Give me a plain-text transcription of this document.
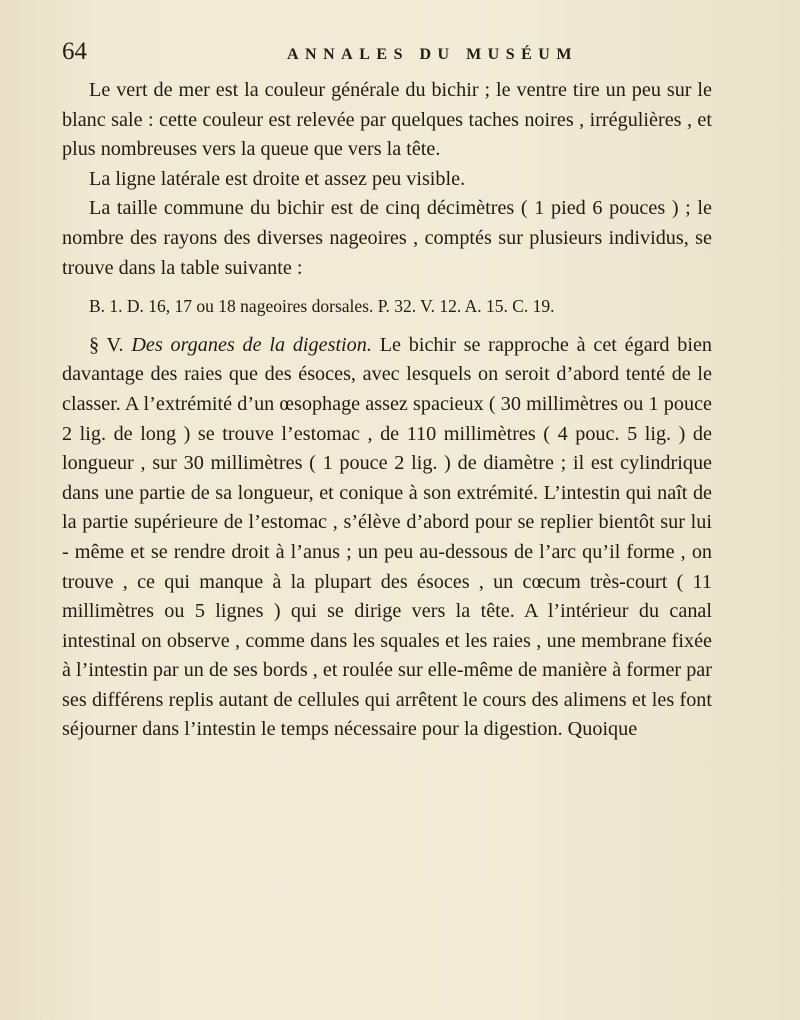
64	ANNALES DU MUSÉUM

Le vert de mer est la couleur générale du bichir ; le ventre tire un peu sur le blanc sale : cette couleur est relevée par quelques taches noires , irrégulières , et plus nombreuses vers la queue que vers la tête.

La ligne latérale est droite et assez peu visible.

La taille commune du bichir est de cinq décimètres ( 1 pied 6 pouces ) ; le nombre des rayons des diverses nageoires , comptés sur plusieurs individus, se trouve dans la table suivante :

B. 1. D. 16, 17 ou 18 nageoires dorsales. P. 32. V. 12. A. 15. C. 19.

§ V. Des organes de la digestion. Le bichir se rapproche à cet égard bien davantage des raies que des ésoces, avec lesquels on seroit d’abord tenté de le classer. A l’extrémité d’un œsophage assez spacieux ( 30 millimètres ou 1 pouce 2 lig. de long ) se trouve l’estomac , de 110 millimètres ( 4 pouc. 5 lig. ) de longueur , sur 30 millimètres ( 1 pouce 2 lig. ) de diamètre ; il est cylindrique dans une partie de sa longueur, et conique à son extrémité. L’intestin qui naît de la partie supérieure de l’estomac , s’élève d’abord pour se replier bientôt sur lui - même et se rendre droit à l’anus ; un peu au-dessous de l’arc qu’il forme , on trouve , ce qui manque à la plupart des ésoces , un cœcum très-court ( 11 millimètres ou 5 lignes ) qui se dirige vers la tête. A l’intérieur du canal intestinal on observe , comme dans les squales et les raies , une membrane fixée à l’intestin par un de ses bords , et roulée sur elle-même de manière à former par ses différens replis autant de cellules qui arrêtent le cours des alimens et les font séjourner dans l’intestin le temps nécessaire pour la digestion. Quoique
